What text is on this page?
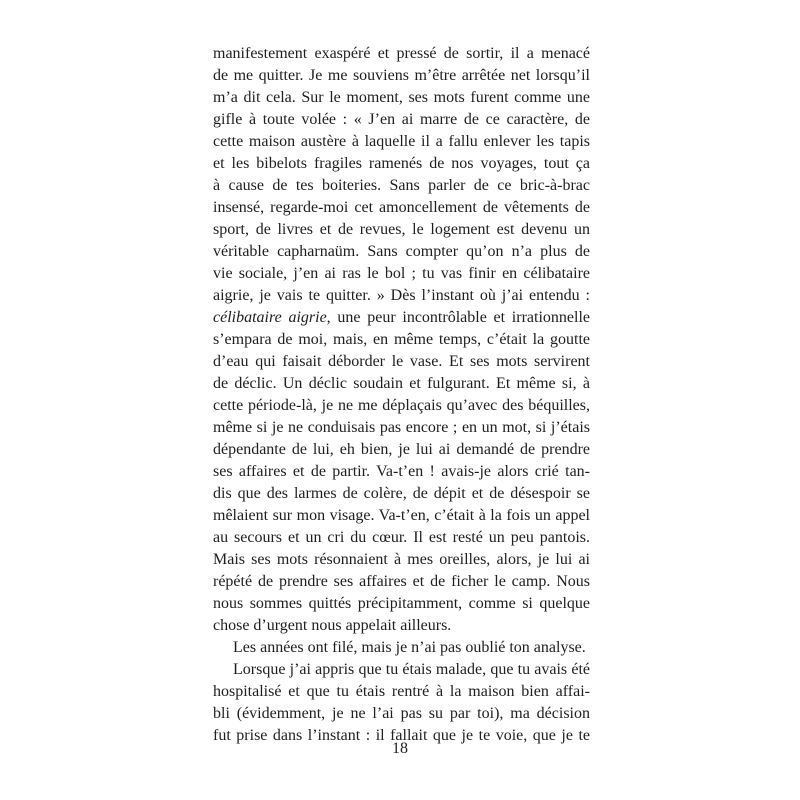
manifestement exaspéré et pressé de sortir, il a menacé
de me quitter. Je me souviens m’être arrêtée net lorsqu’il
m’a dit cela. Sur le moment, ses mots furent comme une
gifle à toute volée : « J’en ai marre de ce caractère, de
cette maison austère à laquelle il a fallu enlever les tapis
et les bibelots fragiles ramenés de nos voyages, tout ça
à cause de tes boiteries. Sans parler de ce bric-à-brac
insensé, regarde-moi cet amoncellement de vêtements de
sport, de livres et de revues, le logement est devenu un
véritable capharnaüm. Sans compter qu’on n’a plus de
vie sociale, j’en ai ras le bol ; tu vas finir en célibataire
aigrie, je vais te quitter. » Dès l’instant où j’ai entendu :
célibataire aigrie, une peur incontrôlable et irrationnelle
s’empara de moi, mais, en même temps, c’était la goutte
d’eau qui faisait déborder le vase. Et ses mots servirent
de déclic. Un déclic soudain et fulgurant. Et même si, à
cette période-là, je ne me déplaçais qu’avec des béquilles,
même si je ne conduisais pas encore ; en un mot, si j’étais
dépendante de lui, eh bien, je lui ai demandé de prendre
ses affaires et de partir. Va-t’en ! avais-je alors crié tan-
dis que des larmes de colère, de dépit et de désespoir se
mêlaient sur mon visage. Va-t’en, c’était à la fois un appel
au secours et un cri du cœur. Il est resté un peu pantois.
Mais ses mots résonnaient à mes oreilles, alors, je lui ai
répété de prendre ses affaires et de ficher le camp. Nous
nous sommes quittés précipitamment, comme si quelque
chose d’urgent nous appelait ailleurs.
Les années ont filé, mais je n’ai pas oublié ton analyse.
Lorsque j’ai appris que tu étais malade, que tu avais été
hospitalisé et que tu étais rentré à la maison bien affai-
bli (évidemment, je ne l’ai pas su par toi), ma décision
fut prise dans l’instant : il fallait que je te voie, que je te
18
